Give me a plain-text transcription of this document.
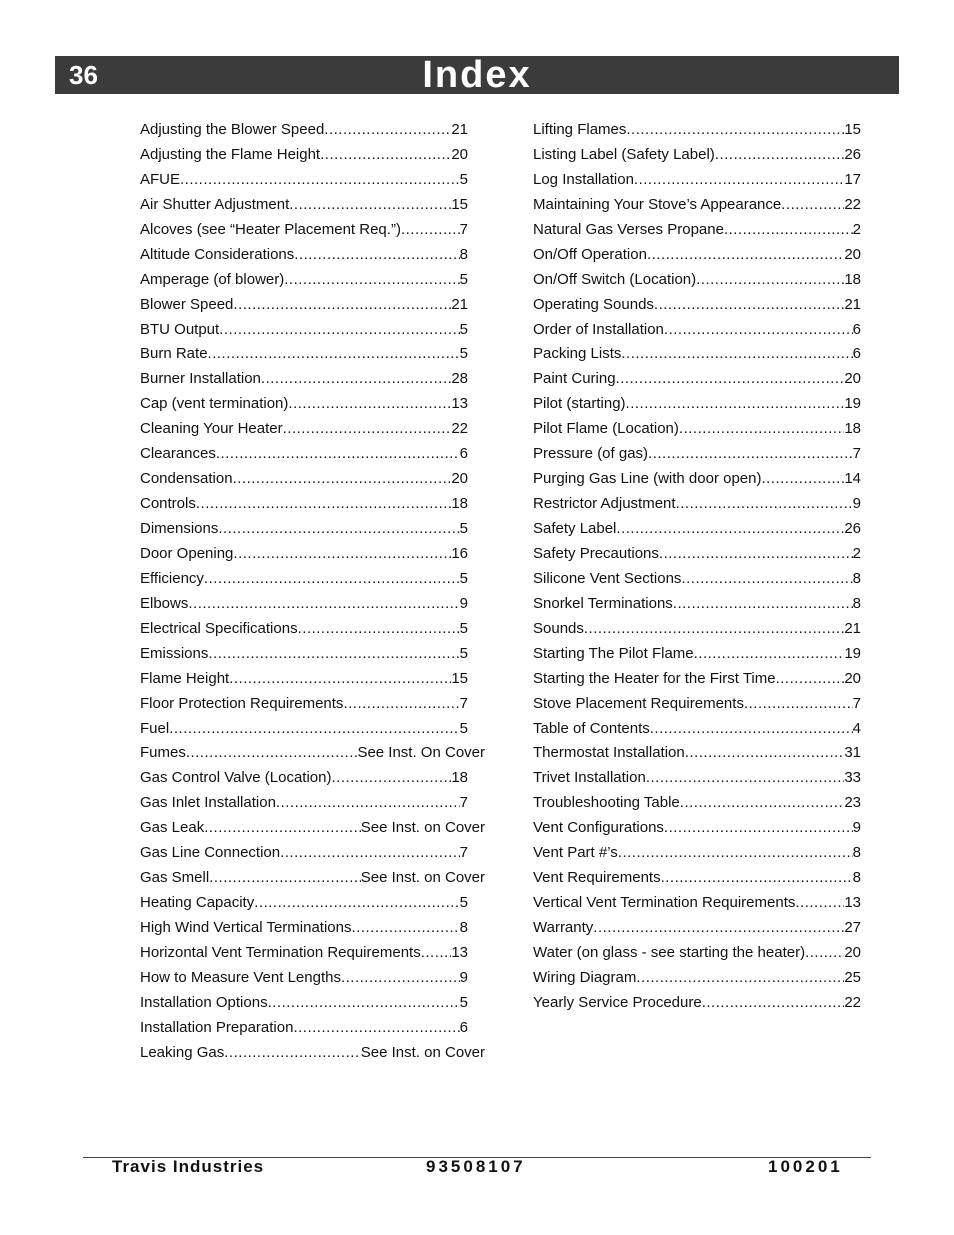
36	Index
Adjusting the Blower Speed .....	21
Adjusting the Flame Height .....	20
AFUE .....	5
Air Shutter Adjustment .....	15
Alcoves (see “Heater Placement Req.”) .....	7
Altitude Considerations .....	8
Amperage (of blower) .....	5
Blower Speed .....	21
BTU Output .....	5
Burn Rate .....	5
Burner Installation .....	28
Cap (vent termination) .....	13
Cleaning Your Heater .....	22
Clearances .....	6
Condensation .....	20
Controls .....	18
Dimensions .....	5
Door Opening .....	16
Efficiency .....	5
Elbows .....	9
Electrical Specifications .....	5
Emissions .....	5
Flame Height .....	15
Floor Protection Requirements .....	7
Fuel .....	5
Fumes .....	See Inst. On Cover
Gas Control Valve (Location) .....	18
Gas Inlet Installation .....	7
Gas Leak .....	See Inst. on Cover
Gas Line Connection .....	7
Gas Smell .....	See Inst. on Cover
Heating Capacity .....	5
High Wind Vertical Terminations .....	8
Horizontal Vent Termination Requirements ..... 13
How to Measure Vent Lengths .....	9
Installation Options .....	5
Installation Preparation .....	6
Leaking Gas .....	See Inst. on Cover
Lifting Flames .....	15
Listing Label (Safety Label) .....	26
Log Installation .....	17
Maintaining Your Stove’s Appearance .....	22
Natural Gas Verses Propane .....	2
On/Off Operation .....	20
On/Off Switch (Location) .....	18
Operating Sounds .....	21
Order of Installation .....	6
Packing Lists .....	6
Paint Curing .....	20
Pilot (starting) .....	19
Pilot Flame (Location) .....	18
Pressure (of gas) .....	7
Purging Gas Line (with door open) .....	14
Restrictor Adjustment .....	9
Safety Label .....	26
Safety Precautions .....	2
Silicone Vent Sections .....	8
Snorkel Terminations .....	8
Sounds .....	21
Starting The Pilot Flame .....	19
Starting the Heater for the First Time .....	20
Stove Placement Requirements .....	7
Table of Contents .....	4
Thermostat Installation .....	31
Trivet Installation .....	33
Troubleshooting Table .....	23
Vent Configurations .....	9
Vent Part #’s .....	8
Vent Requirements .....	8
Vertical Vent Termination Requirements .....	13
Warranty .....	27
Water (on glass - see starting the heater) .....	20
Wiring Diagram .....	25
Yearly Service Procedure .....	22
Travis Industries	93508107	100201
